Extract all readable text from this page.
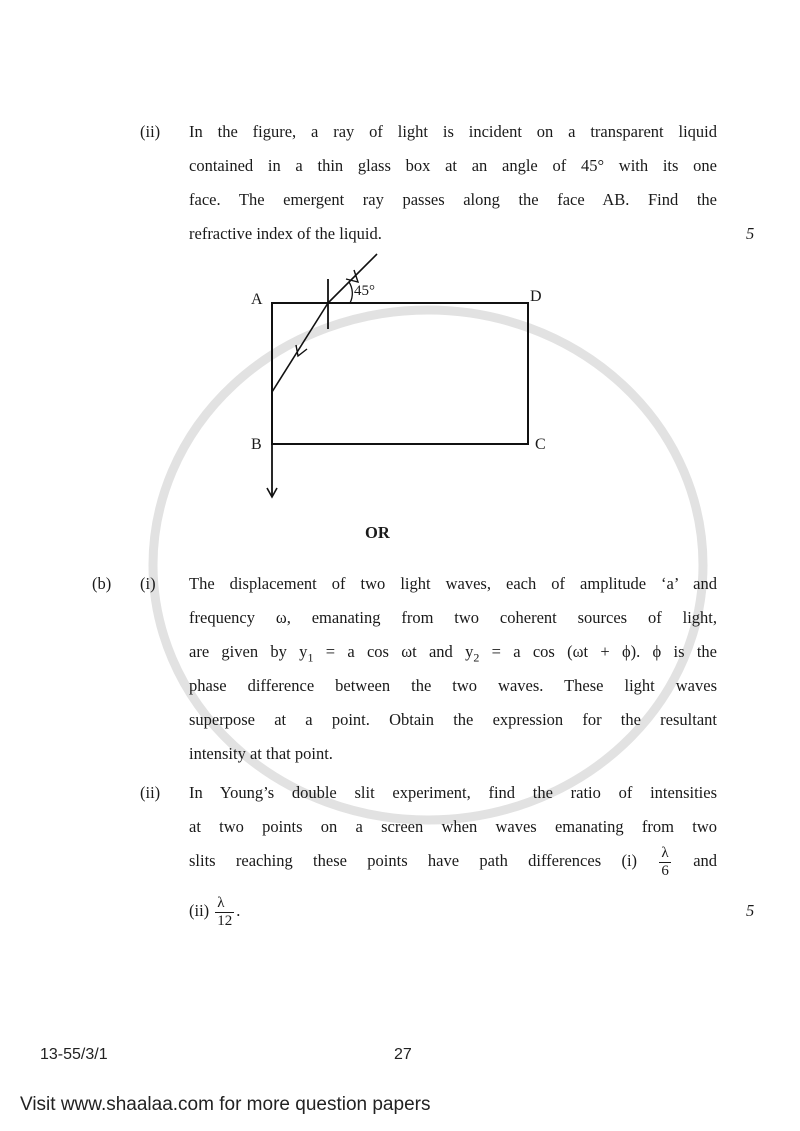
(ii) In the figure, a ray of light is incident on a transparent liquid
contained in a thin glass box at an angle of 45° with its one
face. The emergent ray passes along the face AB. Find the
refractive index of the liquid.	5
A	D
B	C
45°
OR
(b) (i) The displacement of two light waves, each of amplitude ‘a’ and
frequency ω, emanating from two coherent sources of light,
are given by $y_1 = a$ cos ωt and $y_2 = a$ cos (ωt + ϕ). ϕ is the
phase difference between the two waves. These light waves
superpose at a point. Obtain the expression for the resultant
intensity at that point.
(ii) In Young’s double slit experiment, find the ratio of intensities
at two points on a screen when waves emanating from two
slits reaching these points have path differences $(i) \frac{\lambda}{6}$ and
$(ii) \frac{\lambda}{12}$ .	5
13-55/3/1	27
Visit www.shaalaa.com for more question papers
